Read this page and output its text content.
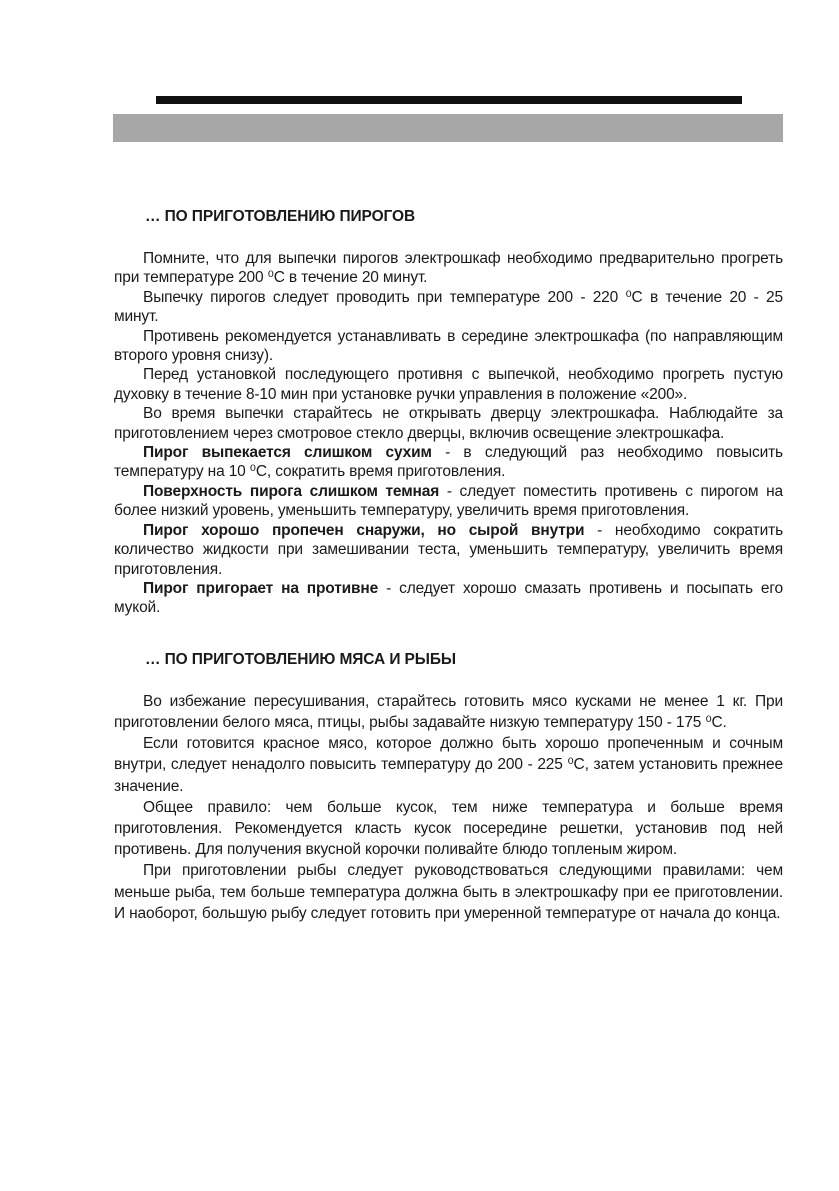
… ПО ПРИГОТОВЛЕНИЮ ПИРОГОВ

Помните, что для выпечки пирогов электрошкаф необходимо предварительно прогреть при температуре 200 ⁰С в течение 20 минут.

Выпечку пирогов следует проводить при температуре 200 - 220 ⁰С в течение 20 - 25 минут.

Противень рекомендуется устанавливать в середине электрошкафа (по направляющим второго уровня снизу).

Перед установкой последующего противня с выпечкой, необходимо прогреть пустую духовку в течение 8-10 мин при установке ручки управления в положение «200».

Во время выпечки старайтесь не открывать дверцу электрошкафа. Наблюдайте за приготовлением через смотровое стекло дверцы, включив освещение электрошкафа.

Пирог выпекается слишком сухим - в следующий раз необходимо повысить температуру на 10 ⁰С, сократить время приготовления.

Поверхность пирога слишком темная - следует поместить противень с пирогом на более низкий уровень, уменьшить температуру, увеличить время приготовления.

Пирог хорошо пропечен снаружи, но сырой внутри - необходимо сократить количество жидкости при замешивании теста, уменьшить температуру, увеличить время приготовления.

Пирог пригорает на противне - следует хорошо смазать противень и посыпать его мукой.

… ПО ПРИГОТОВЛЕНИЮ МЯСА И РЫБЫ

Во избежание пересушивания, старайтесь готовить мясо кусками не менее 1 кг. При приготовлении белого мяса, птицы, рыбы задавайте низкую температуру 150 - 175 ⁰С.

Если готовится красное мясо, которое должно быть хорошо пропеченным и сочным внутри, следует ненадолго повысить температуру до 200 - 225 ⁰С, затем установить прежнее значение.

Общее правило: чем больше кусок, тем ниже температура и больше время приготовления. Рекомендуется класть кусок посередине решетки, установив под ней противень. Для получения вкусной корочки поливайте блюдо топленым жиром.

При приготовлении рыбы следует руководствоваться следующими правилами: чем меньше рыба, тем больше температура должна быть в электрошкафу при ее приготовлении. И наоборот, большую рыбу следует готовить при умеренной температуре от начала до конца.
